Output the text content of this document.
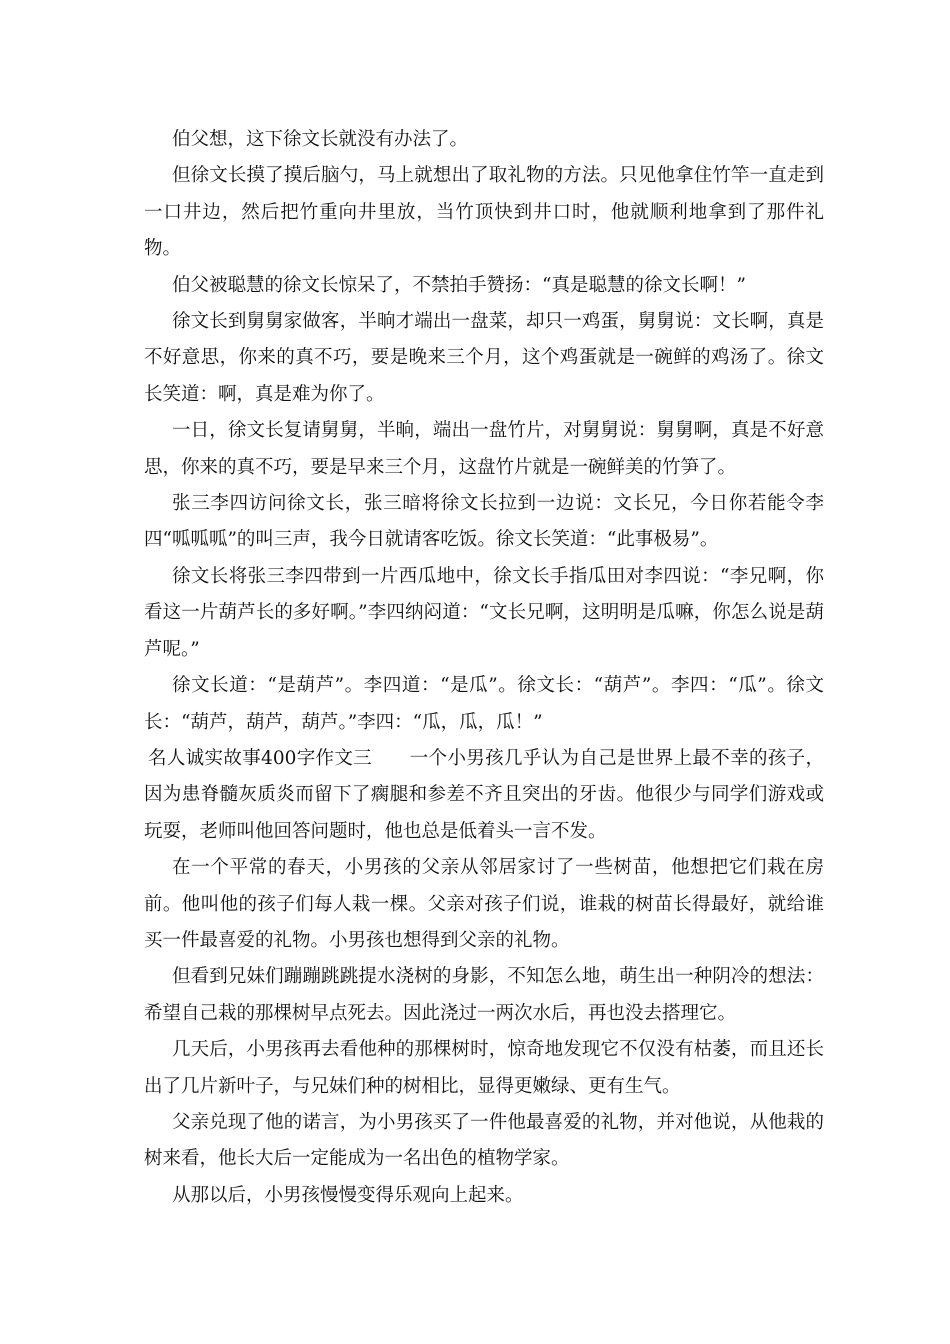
伯父想，这下徐文长就没有办法了。

但徐文长摸了摸后脑勺，马上就想出了取礼物的方法。只见他拿住竹竿一直走到一口井边，然后把竹重向井里放，当竹顶快到井口时，他就顺利地拿到了那件礼物。

伯父被聪慧的徐文长惊呆了，不禁拍手赞扬：“真是聪慧的徐文长啊！”

徐文长到舅舅家做客，半晌才端出一盘菜，却只一鸡蛋，舅舅说：文长啊，真是不好意思，你来的真不巧，要是晚来三个月，这个鸡蛋就是一碗鲜的鸡汤了。徐文长笑道：啊，真是难为你了。

一日，徐文长复请舅舅，半晌，端出一盘竹片，对舅舅说：舅舅啊，真是不好意思，你来的真不巧，要是早来三个月，这盘竹片就是一碗鲜美的竹笋了。

张三李四访问徐文长，张三暗将徐文长拉到一边说：文长兄，今日你若能令李四“呱呱呱”的叫三声，我今日就请客吃饭。徐文长笑道：“此事极易”。

徐文长将张三李四带到一片西瓜地中，徐文长手指瓜田对李四说：“李兄啊，你看这一片葫芦长的多好啊。”李四纳闷道：“文长兄啊，这明明是瓜嘛，你怎么说是葫芦呢。”

徐文长道：“是葫芦”。李四道：“是瓜”。徐文长：“葫芦”。李四：“瓜”。徐文长：“葫芦，葫芦，葫芦。”李四：“瓜，瓜，瓜！”

名人诚实故事400字作文三　　一个小男孩几乎认为自己是世界上最不幸的孩子，因为患脊髓灰质炎而留下了瘸腿和参差不齐且突出的牙齿。他很少与同学们游戏或玩耍，老师叫他回答问题时，他也总是低着头一言不发。

在一个平常的春天，小男孩的父亲从邻居家讨了一些树苗，他想把它们栽在房前。他叫他的孩子们每人栽一棵。父亲对孩子们说，谁栽的树苗长得最好，就给谁买一件最喜爱的礼物。小男孩也想得到父亲的礼物。

但看到兄妹们蹦蹦跳跳提水浇树的身影，不知怎么地，萌生出一种阴冷的想法：希望自己栽的那棵树早点死去。因此浇过一两次水后，再也没去搭理它。

几天后，小男孩再去看他种的那棵树时，惊奇地发现它不仅没有枯萎，而且还长出了几片新叶子，与兄妹们种的树相比，显得更嫩绿、更有生气。

父亲兑现了他的诺言，为小男孩买了一件他最喜爱的礼物，并对他说，从他栽的树来看，他长大后一定能成为一名出色的植物学家。

从那以后，小男孩慢慢变得乐观向上起来。
